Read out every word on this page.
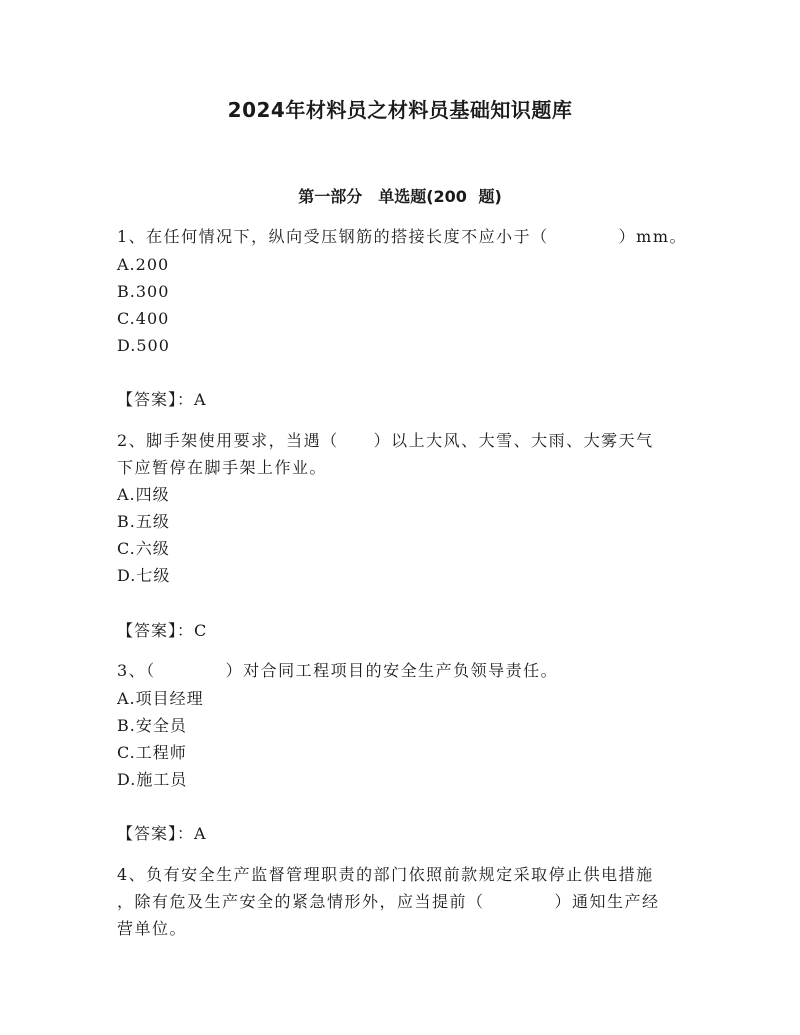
2024年材料员之材料员基础知识题库
第一部分　单选题(200 题)
1、在任何情况下，纵向受压钢筋的搭接长度不应小于（　　　　）mm。
A.200
B.300
C.400
D.500
【答案】：A
2、脚手架使用要求，当遇（　　）以上大风、大雪、大雨、大雾天气
下应暂停在脚手架上作业。
A.四级
B.五级
C.六级
D.七级
【答案】：C
3、（　　　　）对合同工程项目的安全生产负领导责任。
A.项目经理
B.安全员
C.工程师
D.施工员
【答案】：A
4、负有安全生产监督管理职责的部门依照前款规定采取停止供电措施
，除有危及生产安全的紧急情形外，应当提前（　　　　）通知生产经
营单位。
